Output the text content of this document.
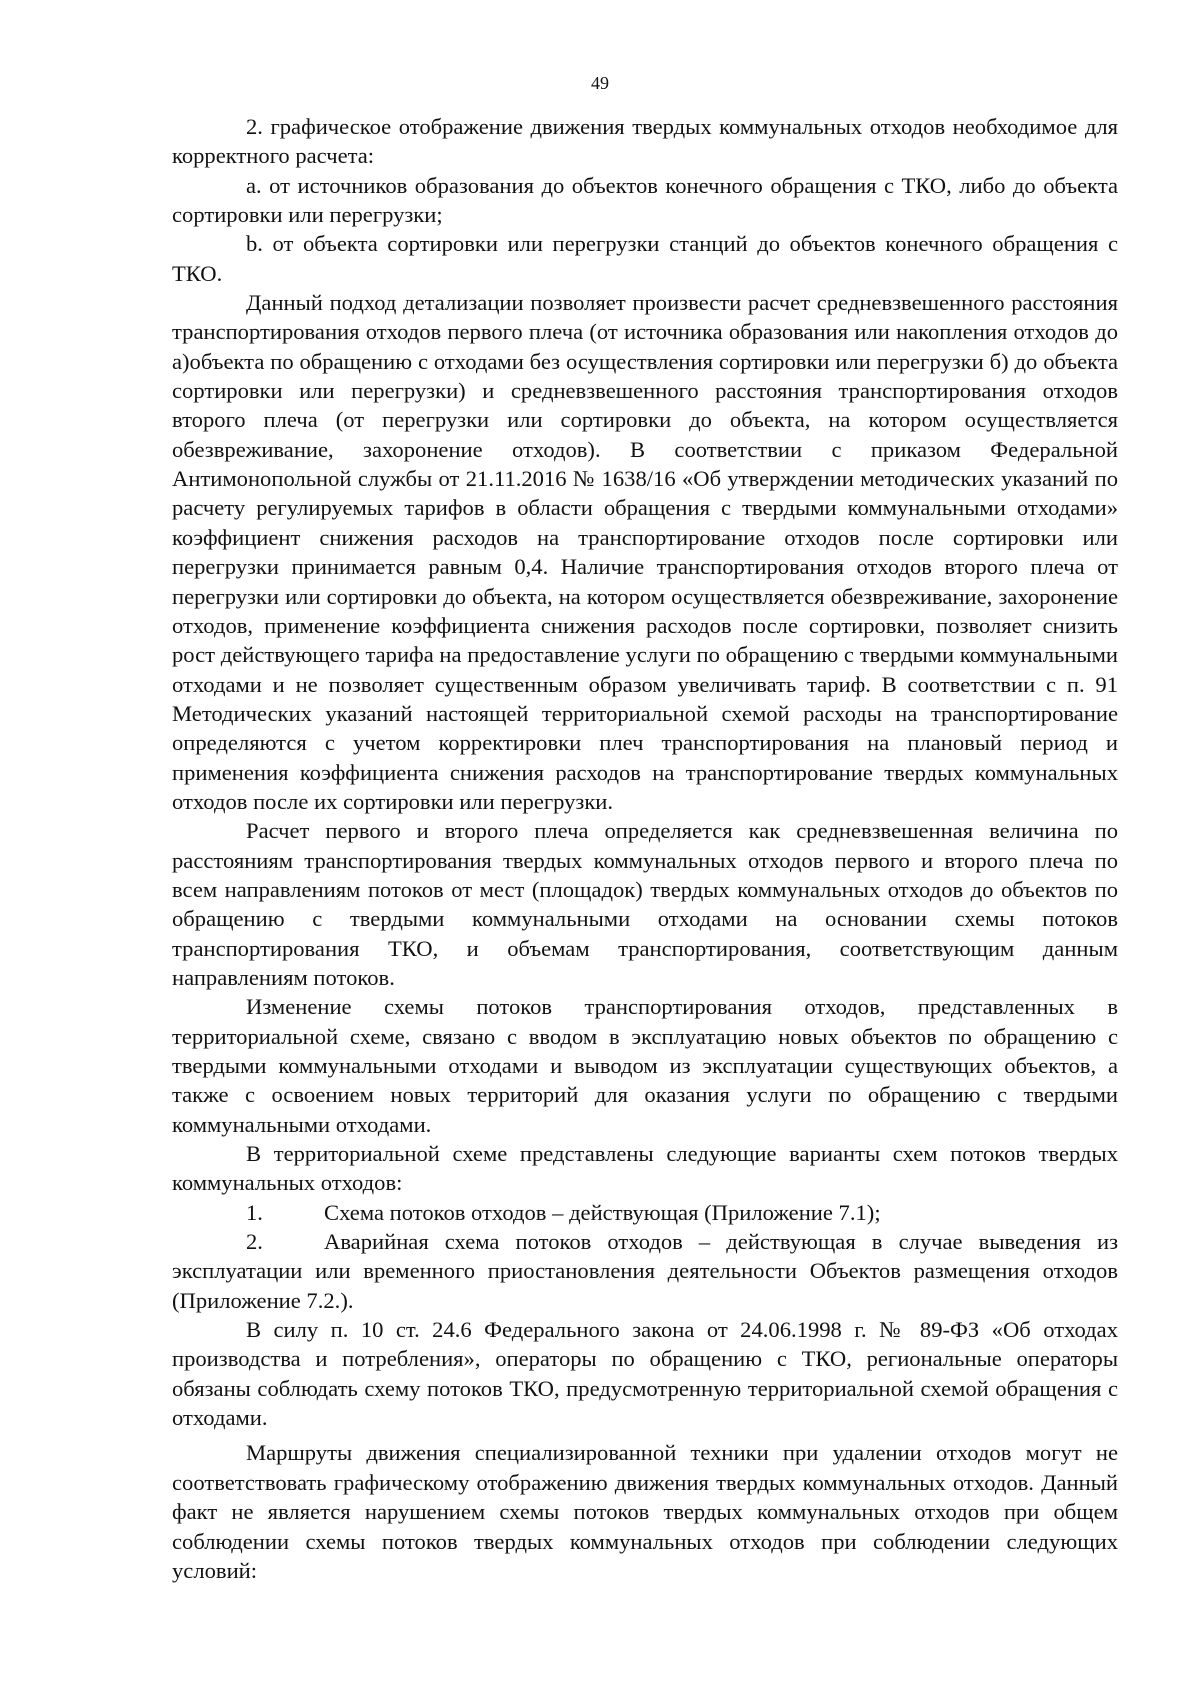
49

2. графическое отображение движения твердых коммунальных отходов необходимое для корректного расчета:

a. от источников образования до объектов конечного обращения с ТКО, либо до объекта сортировки или перегрузки;

b. от объекта сортировки или перегрузки станций до объектов конечного обращения с ТКО.

Данный подход детализации позволяет произвести расчет средневзвешенного расстояния транспортирования отходов первого плеча (от источника образования или накопления отходов до а)объекта по обращению с отходами без осуществления сортировки или перегрузки б) до объекта сортировки или перегрузки) и средневзвешенного расстояния транспортирования отходов второго плеча (от перегрузки или сортировки до объекта, на котором осуществляется обезвреживание, захоронение отходов). В соответствии с приказом Федеральной Антимонопольной службы от 21.11.2016 № 1638/16 «Об утверждении методических указаний по расчету регулируемых тарифов в области обращения с твердыми коммунальными отходами» коэффициент снижения расходов на транспортирование отходов после сортировки или перегрузки принимается равным 0,4. Наличие транспортирования отходов второго плеча от перегрузки или сортировки до объекта, на котором осуществляется обезвреживание, захоронение отходов, применение коэффициента снижения расходов после сортировки, позволяет снизить рост действующего тарифа на предоставление услуги по обращению с твердыми коммунальными отходами и не позволяет существенным образом увеличивать тариф. В соответствии с п. 91 Методических указаний настоящей территориальной схемой расходы на транспортирование определяются с учетом корректировки плеч транспортирования на плановый период и применения коэффициента снижения расходов на транспортирование твердых коммунальных отходов после их сортировки или перегрузки.

Расчет первого и второго плеча определяется как средневзвешенная величина по расстояниям транспортирования твердых коммунальных отходов первого и второго плеча по всем направлениям потоков от мест (площадок) твердых коммунальных отходов до объектов по обращению с твердыми коммунальными отходами на основании схемы потоков транспортирования ТКО, и объемам транспортирования, соответствующим данным направлениям потоков.

Изменение схемы потоков транспортирования отходов, представленных в территориальной схеме, связано с вводом в эксплуатацию новых объектов по обращению с твердыми коммунальными отходами и выводом из эксплуатации существующих объектов, а также с освоением новых территорий для оказания услуги по обращению с твердыми коммунальными отходами.

В территориальной схеме представлены следующие варианты схем потоков твердых коммунальных отходов:

1.	Схема потоков отходов – действующая (Приложение 7.1);

2.	Аварийная схема потоков отходов – действующая в случае выведения из эксплуатации или временного приостановления деятельности Объектов размещения отходов (Приложение 7.2.).

В силу п. 10 ст. 24.6 Федерального закона от 24.06.1998 г. № 89-ФЗ «Об отходах производства и потребления», операторы по обращению с ТКО, региональные операторы обязаны соблюдать схему потоков ТКО, предусмотренную территориальной схемой обращения с отходами.

Маршруты движения специализированной техники при удалении отходов могут не соответствовать графическому отображению движения твердых коммунальных отходов. Данный факт не является нарушением схемы потоков твердых коммунальных отходов при общем соблюдении схемы потоков твердых коммунальных отходов при соблюдении следующих условий:
